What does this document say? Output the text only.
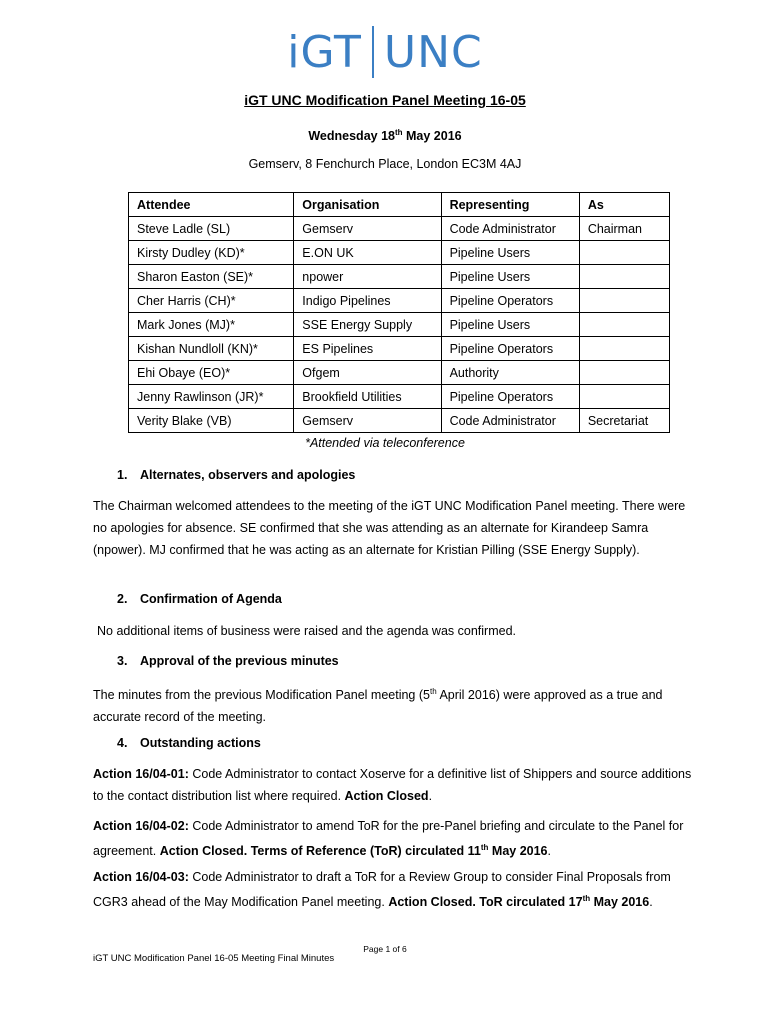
iGT UNC
iGT UNC Modification Panel Meeting 16-05
Wednesday 18th May 2016
Gemserv, 8 Fenchurch Place, London EC3M 4AJ
Attendee	Organisation	Representing	As
Steve Ladle (SL)	Gemserv	Code Administrator	Chairman
Kirsty Dudley (KD)*	E.ON UK	Pipeline Users	
Sharon Easton (SE)*	npower	Pipeline Users	
Cher Harris (CH)*	Indigo Pipelines	Pipeline Operators	
Mark Jones (MJ)*	SSE Energy Supply	Pipeline Users	
Kishan Nundloll (KN)*	ES Pipelines	Pipeline Operators	
Ehi Obaye (EO)*	Ofgem	Authority	
Jenny Rawlinson (JR)*	Brookfield Utilities	Pipeline Operators	
Verity Blake (VB)	Gemserv	Code Administrator	Secretariat
*Attended via teleconference
1. Alternates, observers and apologies
The Chairman welcomed attendees to the meeting of the iGT UNC Modification Panel meeting. There were no apologies for absence. SE confirmed that she was attending as an alternate for Kirandeep Samra (npower). MJ confirmed that he was acting as an alternate for Kristian Pilling (SSE Energy Supply).
2. Confirmation of Agenda
No additional items of business were raised and the agenda was confirmed.
3. Approval of the previous minutes
The minutes from the previous Modification Panel meeting (5th April 2016) were approved as a true and accurate record of the meeting.
4. Outstanding actions
Action 16/04-01: Code Administrator to contact Xoserve for a definitive list of Shippers and source additions to the contact distribution list where required. Action Closed.
Action 16/04-02: Code Administrator to amend ToR for the pre-Panel briefing and circulate to the Panel for agreement. Action Closed. Terms of Reference (ToR) circulated 11th May 2016.
Action 16/04-03: Code Administrator to draft a ToR for a Review Group to consider Final Proposals from CGR3 ahead of the May Modification Panel meeting. Action Closed. ToR circulated 17th May 2016.
Page 1 of 6
iGT UNC Modification Panel 16-05 Meeting Final Minutes
